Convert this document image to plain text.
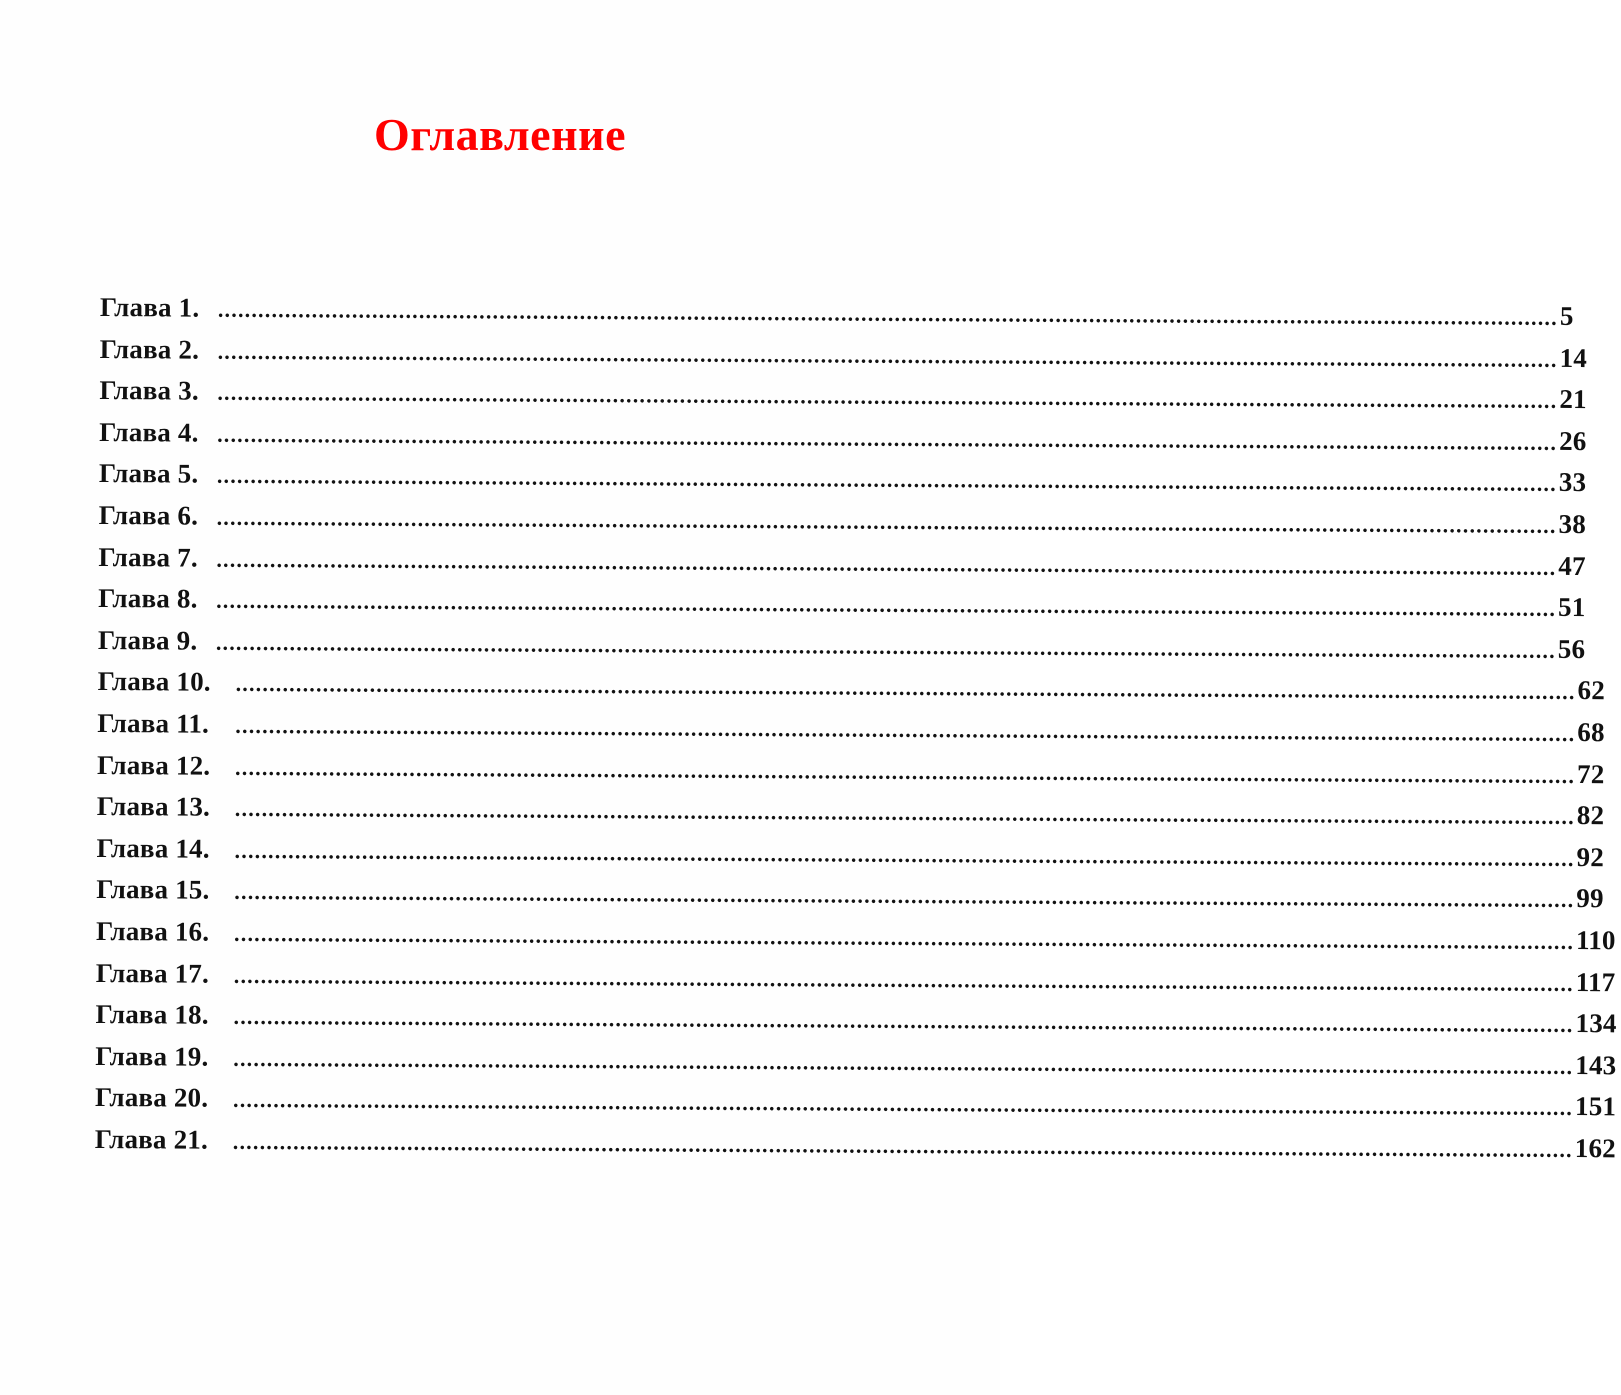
Оглавление
Глава 1. ........................................................................................................................................................................................................ 5
Глава 2. ........................................................................................................................................................................................................ 14
Глава 3. ........................................................................................................................................................................................................ 21
Глава 4. ........................................................................................................................................................................................................ 26
Глава 5. ........................................................................................................................................................................................................ 33
Глава 6. ........................................................................................................................................................................................................ 38
Глава 7. ........................................................................................................................................................................................................ 47
Глава 8. ........................................................................................................................................................................................................ 51
Глава 9. ........................................................................................................................................................................................................ 56
Глава 10.	........................................................................................................................................................................................................ 62
Глава 11.	........................................................................................................................................................................................................ 68
Глава 12.	........................................................................................................................................................................................................ 72
Глава 13.	........................................................................................................................................................................................................ 82
Глава 14.	........................................................................................................................................................................................................ 92
Глава 15.	........................................................................................................................................................................................................ 99
Глава 16.	........................................................................................................................................................................................................ 110
Глава 17.	........................................................................................................................................................................................................ 117
Глава 18.	........................................................................................................................................................................................................ 134
Глава 19.	........................................................................................................................................................................................................ 143
Глава 20.	........................................................................................................................................................................................................ 151
Глава 21.	........................................................................................................................................................................................................ 162
